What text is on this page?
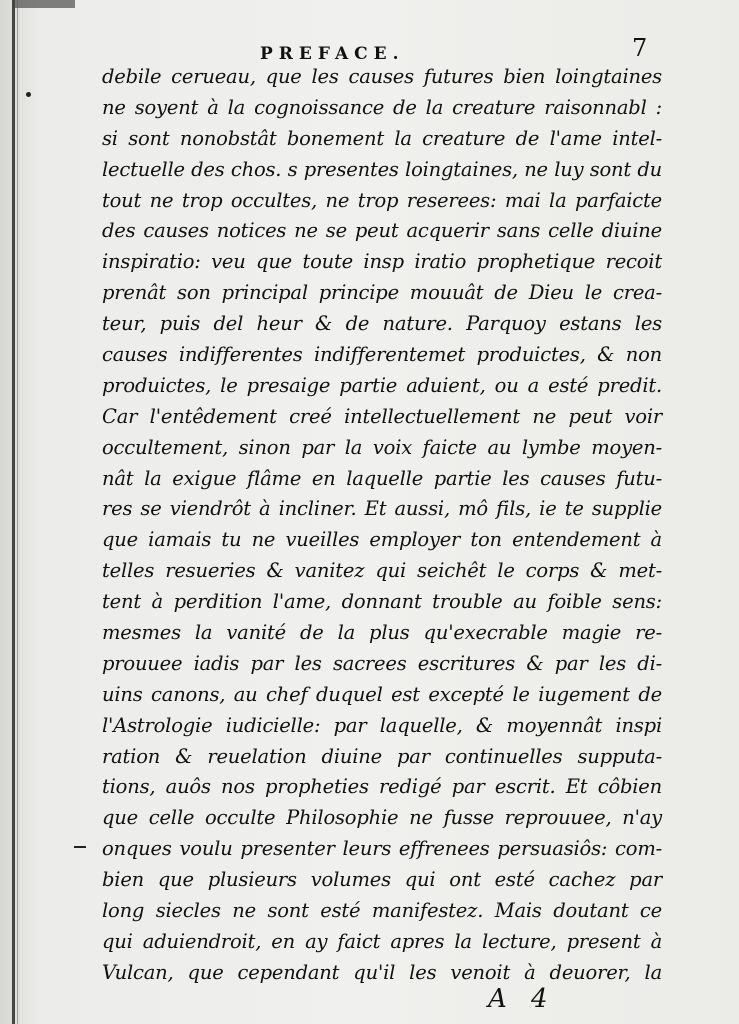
PREFACE.	7
debile cerueau, que les causes futures bien loingtaines
ne soyent à la cognoissance de la creature raisonnabl :
si sont nonobstât bonement la creature de l'ame intel-
lectuelle des chos. s presentes loingtaines, ne luy sont du
tout ne trop occultes, ne trop reserees: mai la parfaicte
des causes notices ne se peut acquerir sans celle diuine
inspiratio: veu que toute insp iratio prophetique recoit
prenât son principal principe mouuât de Dieu le crea-
teur, puis del heur & de nature. Parquoy estans les
causes indifferentes indifferentemet produictes, & non
produictes, le presaige partie aduient, ou a esté predit.
Car l'entêdement creé intellectuellement ne peut voir
occultement, sinon par la voix faicte au lymbe moyen-
nât la exigue flâme en laquelle partie les causes futu-
res se viendrôt à incliner. Et aussi, mô fils, ie te supplie
que iamais tu ne vueilles employer ton entendement à
telles resueries & vanitez qui seichêt le corps & met-
tent à perdition l'ame, donnant trouble au foible sens:
mesmes la vanité de la plus qu'execrable magie re-
prouuee iadis par les sacrees escritures & par les di-
uins canons, au chef duquel est excepté le iugement de
l'Astrologie iudicielle: par laquelle, & moyennât inspi
ration & reuelation diuine par continuelles supputa-
tions, auôs nos propheties redigé par escrit. Et côbien
que celle occulte Philosophie ne fusse reprouuee, n'ay
onques voulu presenter leurs effrenees persuasiôs: com-
bien que plusieurs volumes qui ont esté cachez par
long siecles ne sont esté manifestez. Mais doutant ce
qui aduiendroit, en ay faict apres la lecture, present à
Vulcan, que cependant qu'il les venoit à deuorer, la
A 4
